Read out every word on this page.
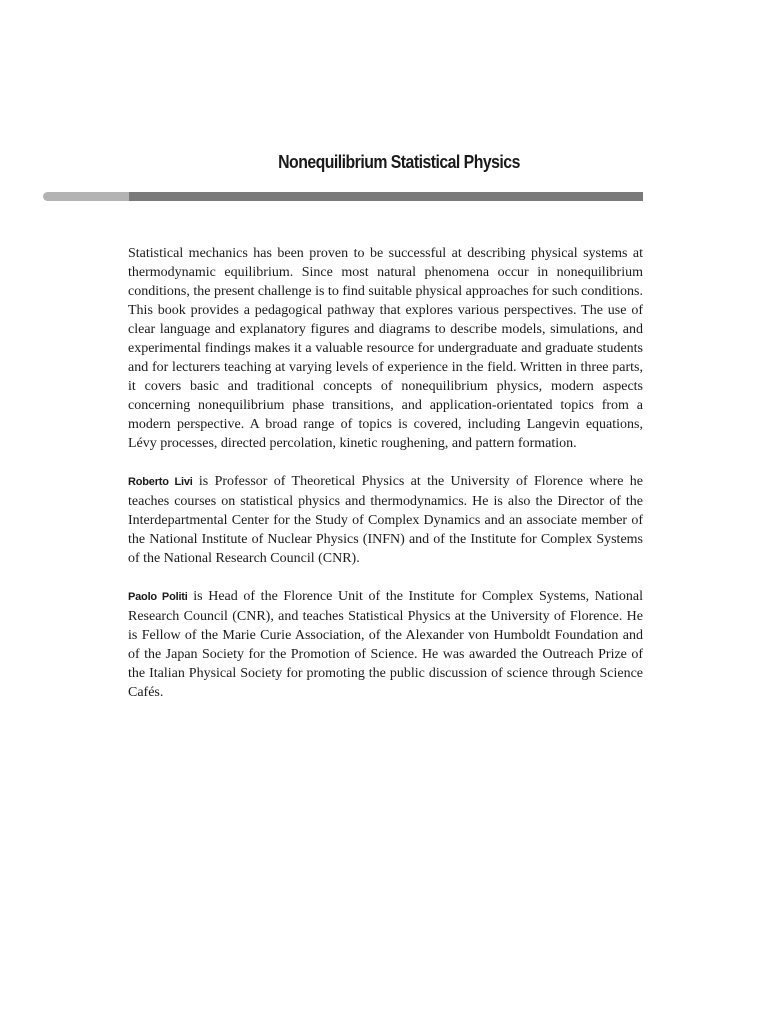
Nonequilibrium Statistical Physics

Statistical mechanics has been proven to be successful at describing physical systems at thermodynamic equilibrium. Since most natural phenomena occur in nonequilibrium conditions, the present challenge is to find suitable physical approaches for such conditions. This book provides a pedagogical pathway that explores various perspectives. The use of clear language and explanatory figures and diagrams to describe models, simulations, and experimental findings makes it a valuable resource for undergraduate and graduate students and for lecturers teaching at varying levels of experience in the field. Written in three parts, it covers basic and traditional concepts of nonequilibrium physics, modern aspects concerning nonequilibrium phase transitions, and application-orientated topics from a modern perspective. A broad range of topics is covered, including Langevin equations, Lévy processes, directed percolation, kinetic roughening, and pattern formation.

Roberto Livi is Professor of Theoretical Physics at the University of Florence where he teaches courses on statistical physics and thermodynamics. He is also the Director of the Interdepartmental Center for the Study of Complex Dynamics and an associate member of the National Institute of Nuclear Physics (INFN) and of the Institute for Complex Systems of the National Research Council (CNR).

Paolo Politi is Head of the Florence Unit of the Institute for Complex Systems, National Research Council (CNR), and teaches Statistical Physics at the University of Florence. He is Fellow of the Marie Curie Association, of the Alexander von Humboldt Foundation and of the Japan Society for the Promotion of Science. He was awarded the Outreach Prize of the Italian Physical Society for promoting the public discussion of science through Science Cafés.
